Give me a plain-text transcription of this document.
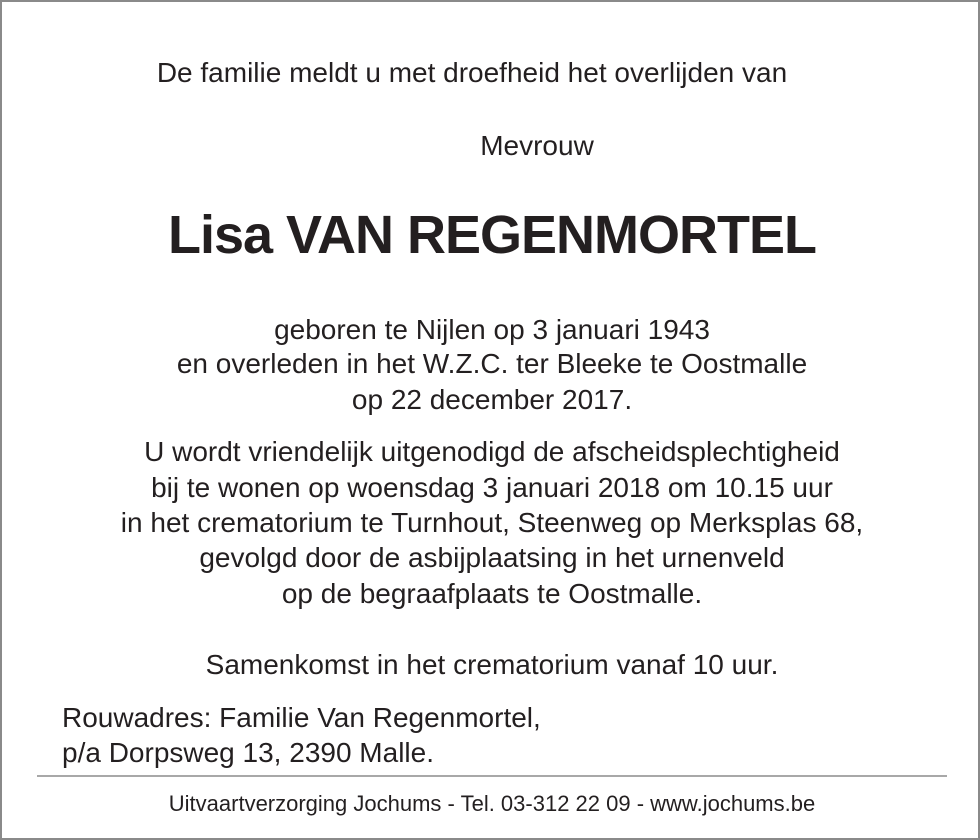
De familie meldt u met droefheid het overlijden van
Mevrouw
Lisa VAN REGENMORTEL
geboren te Nijlen op 3 januari 1943
en overleden in het W.Z.C. ter Bleeke te Oostmalle
op 22 december 2017.
U wordt vriendelijk uitgenodigd de afscheidsplechtigheid
bij te wonen op woensdag 3 januari 2018 om 10.15 uur
in het crematorium te Turnhout, Steenweg op Merksplas 68,
gevolgd door de asbijplaatsing in het urnenveld
op de begraafplaats te Oostmalle.
Samenkomst in het crematorium vanaf 10 uur.
Rouwadres: Familie Van Regenmortel,
p/a Dorpsweg 13, 2390 Malle.
Uitvaartverzorging Jochums - Tel. 03-312 22 09 - www.jochums.be
